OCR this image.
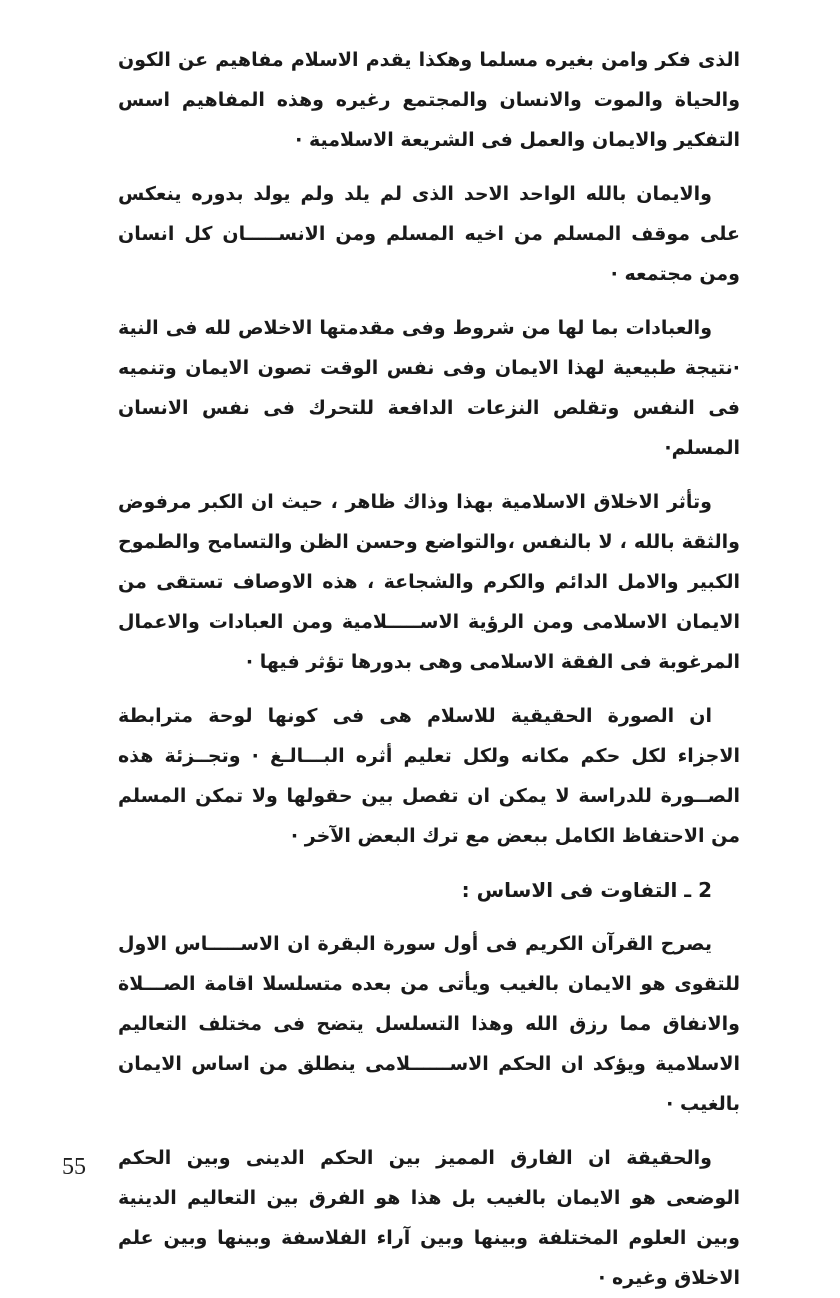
الذى فكر وامن بغيره مسلما وهكذا يقدم الاسلام مفاهيم عن الكون والحياة والموت والانسان والمجتمع رغيره وهذه المفاهيم اسس التفكير والايمان والعمل فى الشريعة الاسلامية ·

والايمان بالله الواحد الاحد الذى لم يلد ولم يولد بدوره ينعكس على موقف المسلم من اخيه المسلم ومن الانســـــان كل انسان ومن مجتمعه ·

والعبادات بما لها من شروط وفى مقدمتها الاخلاص لله فى النية ·نتيجة طبيعية لهذا الايمان وفى نفس الوقت تصون الايمان وتنميه فى النفس وتقلص النزعات الدافعة للتحرك فى نفس الانسان المسلم·

وتأثر الاخلاق الاسلامية بهذا وذاك ظاهر ، حيث ان الكبر مرفوض والثقة بالله ، لا بالنفس ،والتواضع وحسن الظن والتسامح والطموح الكبير والامل الدائم والكرم والشجاعة ، هذه الاوصاف تستقى من الايمان الاسلامى ومن الرؤية الاســـــلامية ومن العبادات والاعمال المرغوبة فى الفقة الاسلامى وهى بدورها تؤثر فيها ·

ان الصورة الحقيقية للاسلام هى فى كونها لوحة مترابطة الاجزاء لكل حكم مكانه ولكل تعليم أثره البـــالـغ · وتجــزئة هذه الصــورة للدراسة لا يمكن ان تفصل بين حقولها ولا تمكن المسلم من الاحتفاظ الكامل ببعض مع ترك البعض الآخر ·

2 ـ التفاوت فى الاساس :

يصرح القرآن الكريم فى أول سورة البقرة ان الاســـــاس الاول للتقوى هو الايمان بالغيب ويأتى من بعده متسلسلا اقامة الصـــلاة والانفاق مما رزق الله وهذا التسلسل يتضح فى مختلف التعاليم الاسلامية ويؤكد ان الحكم الاســــــلامى ينطلق من اساس الايمان بالغيب ·

والحقيقة ان الفارق المميز بين الحكم الدينى وبين الحكم الوضعى هو الايمان بالغيب بل هذا هو الفرق بين التعاليم الدينية وبين العلوم المختلفة وبينها وبين آراء الفلاسفة وبينها وبين علم الاخلاق وغيره ·

55
